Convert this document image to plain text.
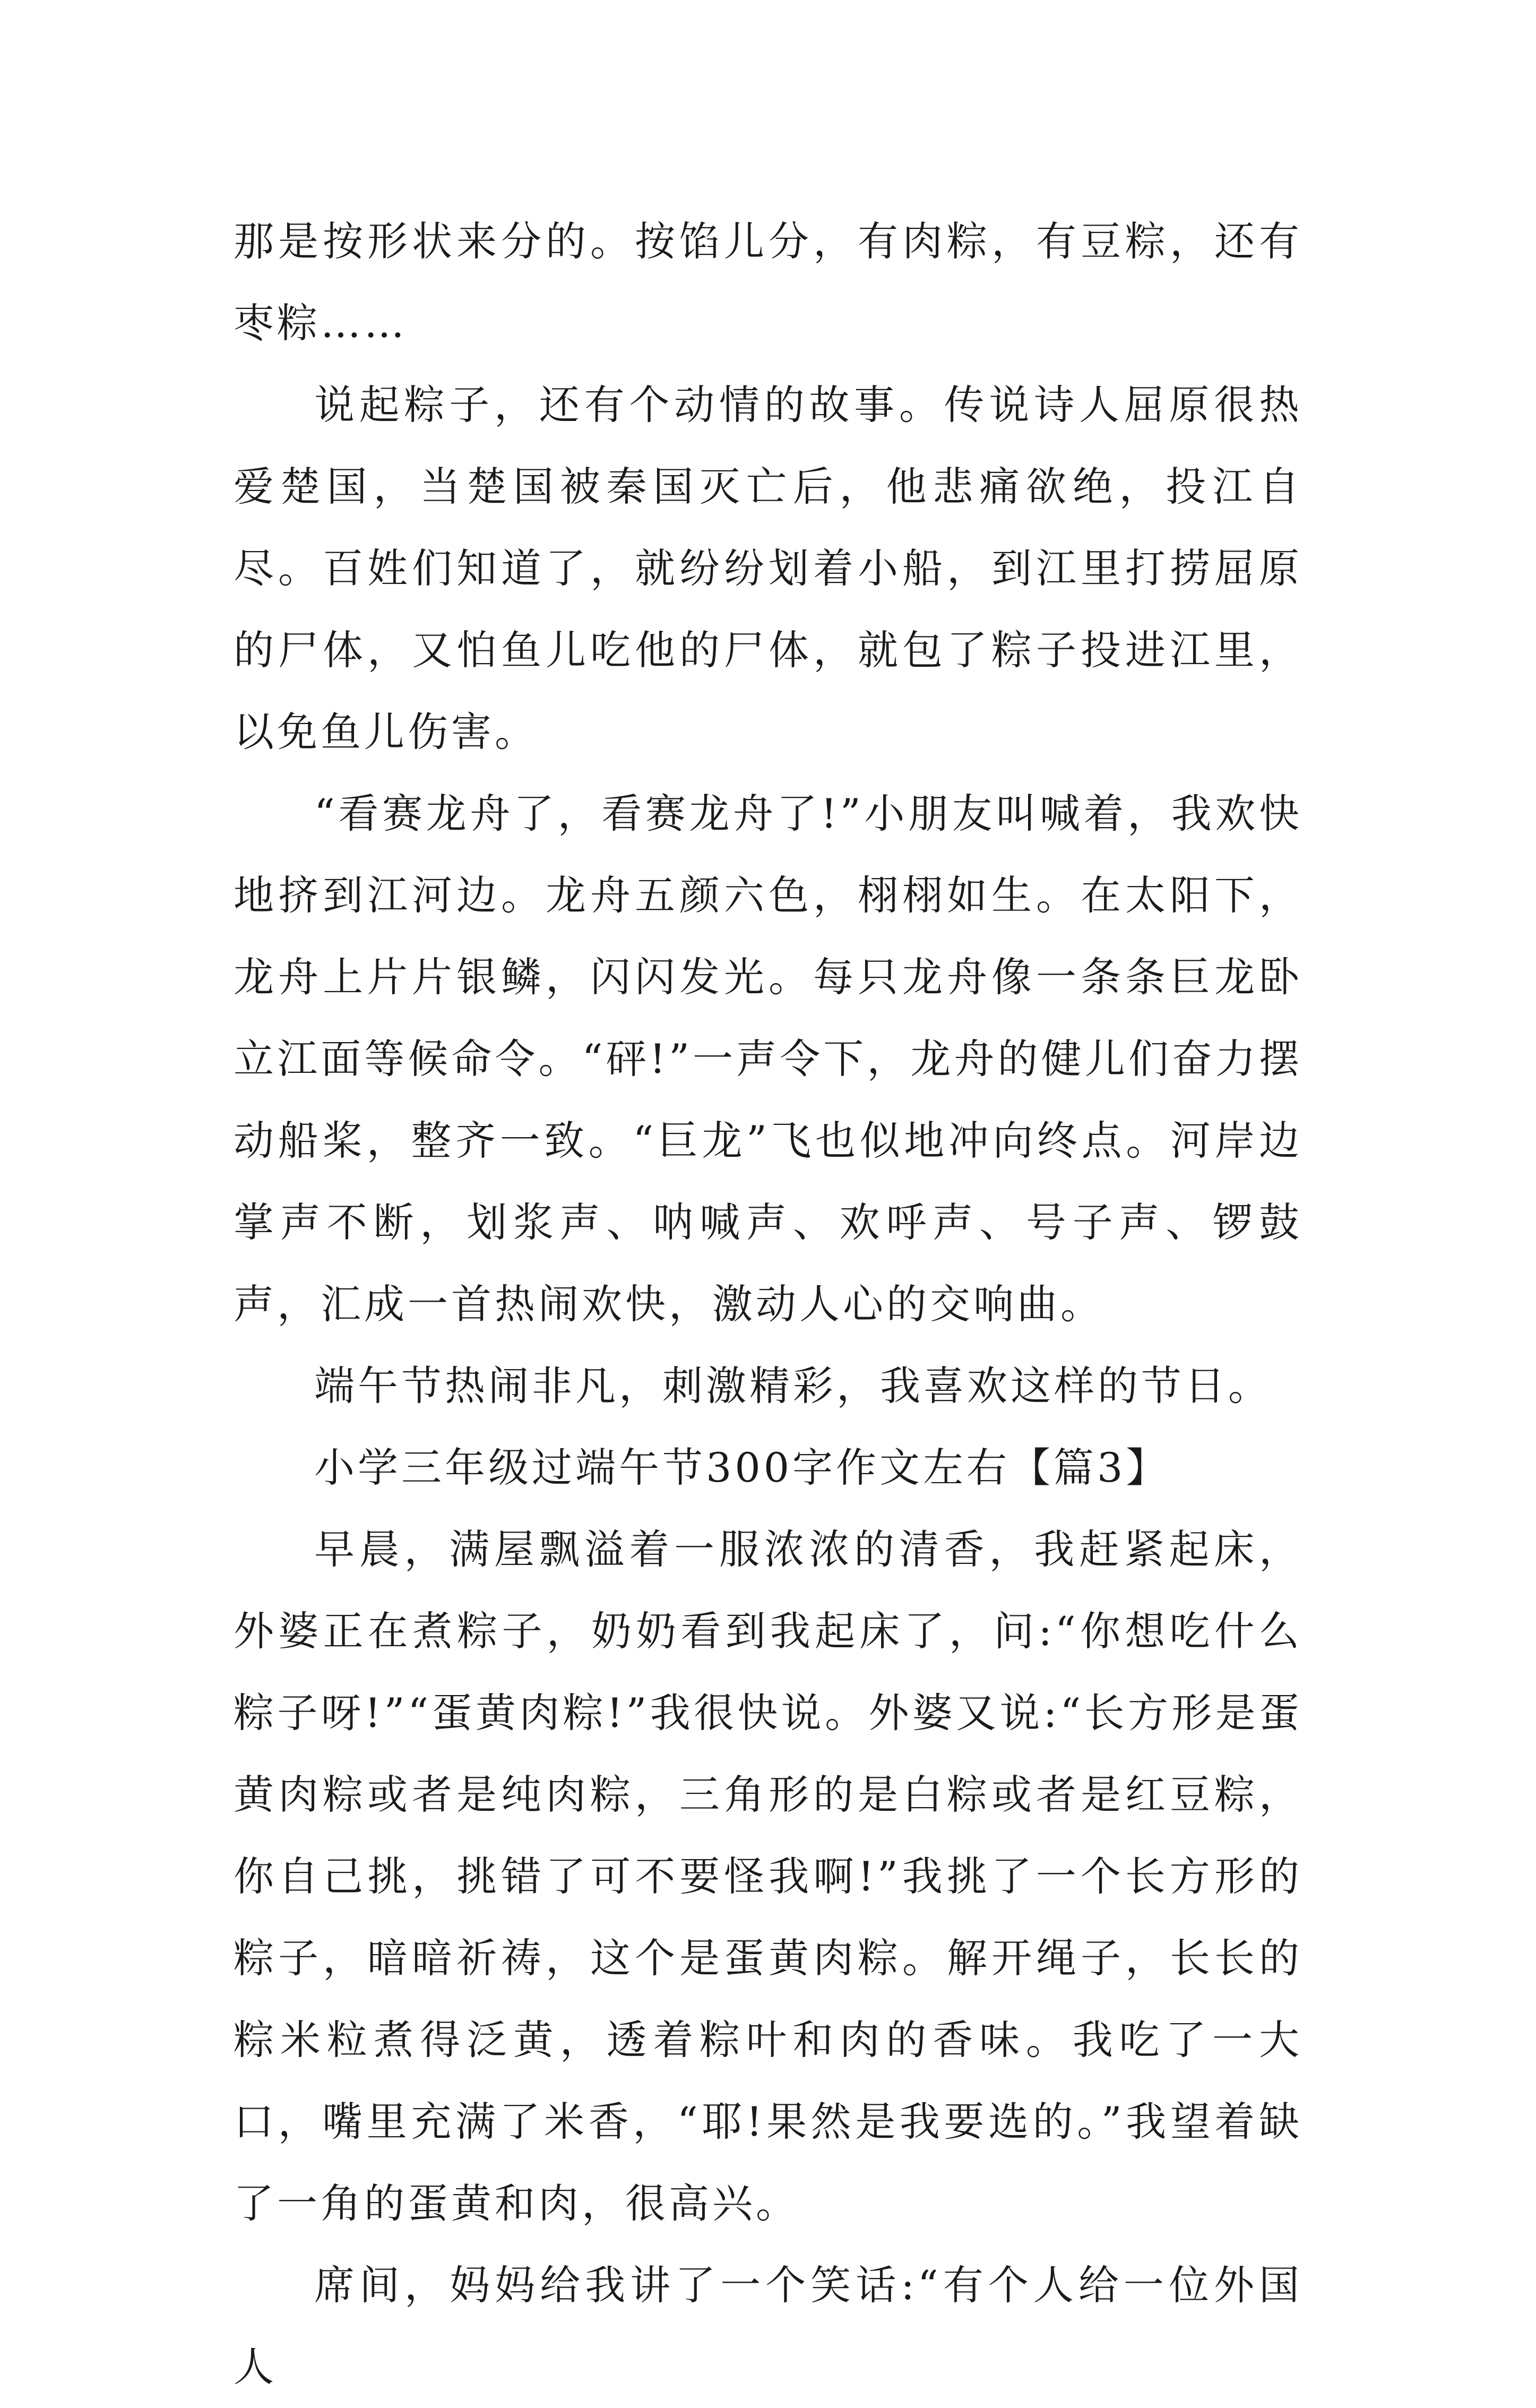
那是按形状来分的。按馅儿分，有肉粽，有豆粽，还有枣粽……

说起粽子，还有个动情的故事。传说诗人屈原很热爱楚国，当楚国被秦国灭亡后，他悲痛欲绝，投江自尽。百姓们知道了，就纷纷划着小船，到江里打捞屈原的尸体，又怕鱼儿吃他的尸体，就包了粽子投进江里，以免鱼儿伤害。

“看赛龙舟了，看赛龙舟了!”小朋友叫喊着，我欢快地挤到江河边。龙舟五颜六色，栩栩如生。在太阳下，龙舟上片片银鳞，闪闪发光。每只龙舟像一条条巨龙卧立江面等候命令。“砰!”一声令下，龙舟的健儿们奋力摆动船桨，整齐一致。“巨龙”飞也似地冲向终点。河岸边掌声不断，划浆声、呐喊声、欢呼声、号子声、锣鼓声，汇成一首热闹欢快，激动人心的交响曲。

端午节热闹非凡，刺激精彩，我喜欢这样的节日。

小学三年级过端午节300字作文左右【篇3】

早晨，满屋飘溢着一服浓浓的清香，我赶紧起床，外婆正在煮粽子，奶奶看到我起床了，问:“你想吃什么粽子呀!”“蛋黄肉粽!”我很快说。外婆又说:“长方形是蛋黄肉粽或者是纯肉粽，三角形的是白粽或者是红豆粽，你自己挑，挑错了可不要怪我啊!”我挑了一个长方形的粽子，暗暗祈祷，这个是蛋黄肉粽。解开绳子，长长的粽米粒煮得泛黄，透着粽叶和肉的香味。我吃了一大口，嘴里充满了米香，“耶!果然是我要选的。”我望着缺了一角的蛋黄和肉，很高兴。

席间，妈妈给我讲了一个笑话:“有个人给一位外国人
